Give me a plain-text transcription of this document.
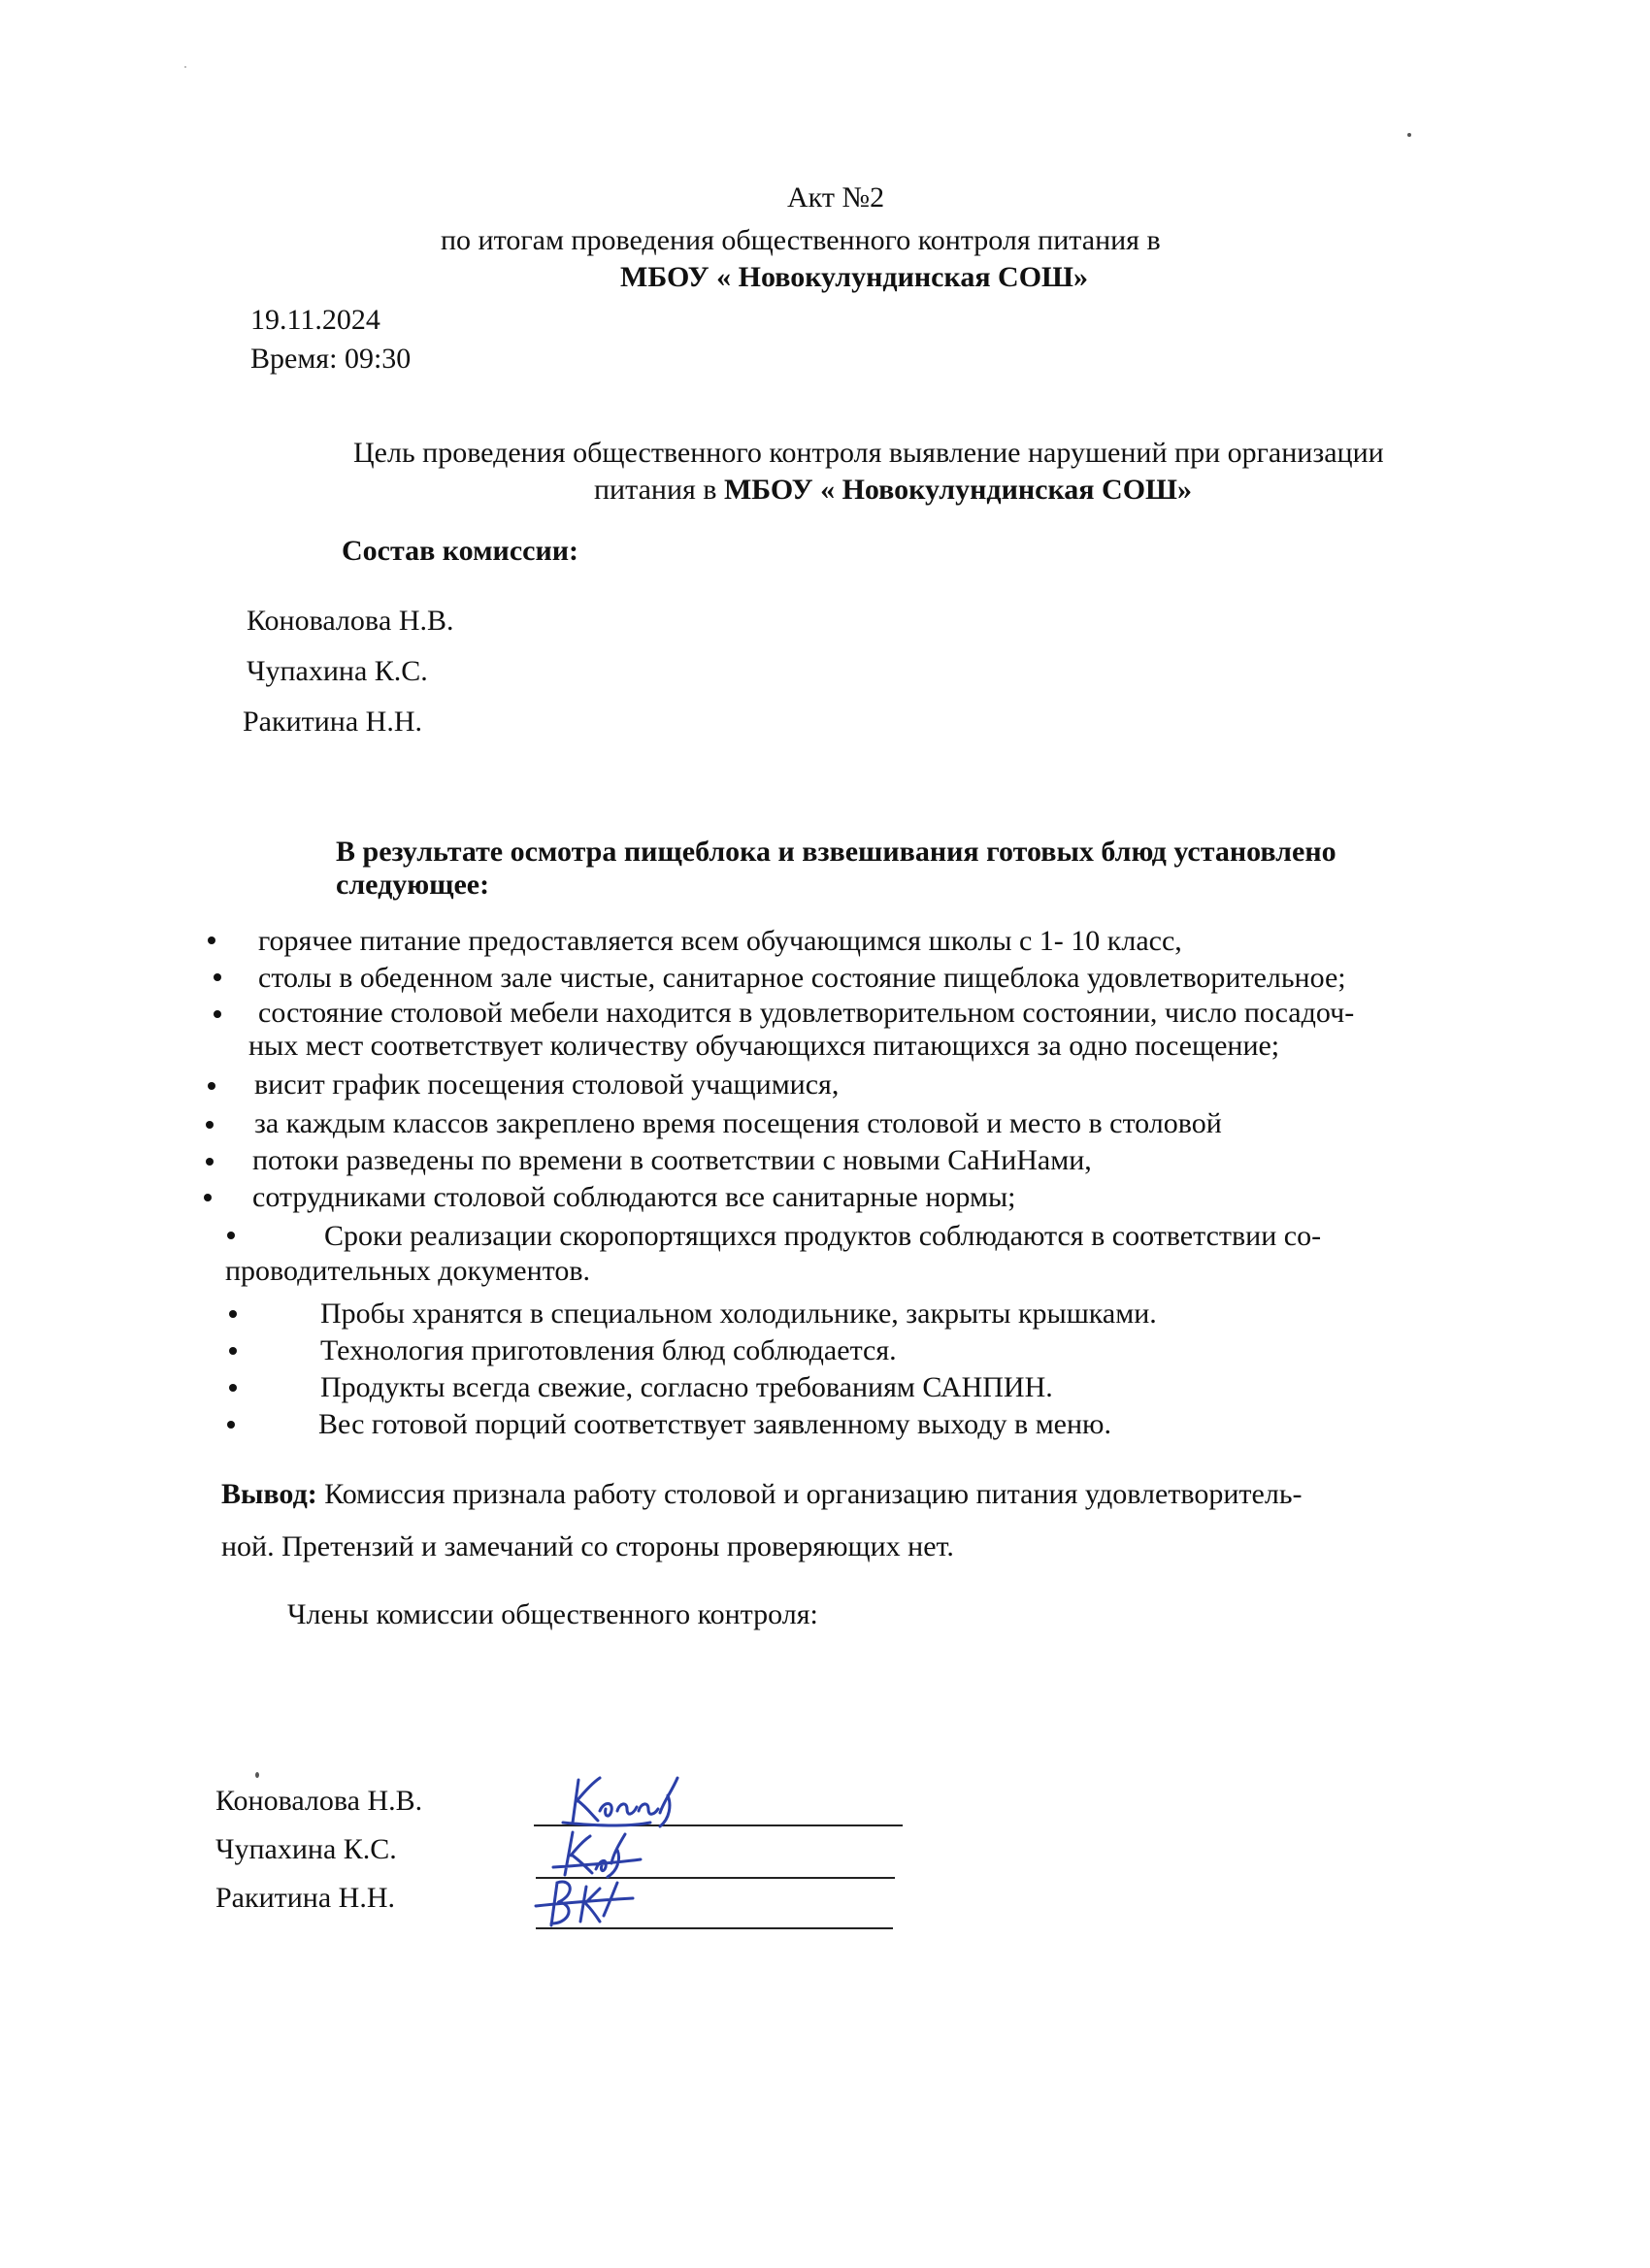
Акт №2
по итогам проведения общественного контроля питания в
МБОУ « Новокулундинская СОШ»
19.11.2024
Время: 09:30
Цель проведения общественного контроля выявление нарушений при организации
питания в МБОУ « Новокулундинская СОШ»
Состав комиссии:
Коноваловa Н.В.
Чупахина К.С.
Ракитина Н.Н.
В результате осмотра пищеблока и взвешивания готовых блюд установлено
следующее:
горячее питание предоставляется всем обучающимся школы с 1- 10 класс,
столы в обеденном зале чистые, санитарное состояние пищеблока удовлетворительное;
состояние столовой мебели находится в удовлетворительном состоянии, число посадоч-
ных мест соответствует количеству обучающихся питающихся за одно посещение;
висит график посещения столовой учащимися,
за каждым классов закреплено время посещения столовой и место в столовой
потоки разведены по времени в соответствии с новыми СаНиНами,
сотрудниками столовой соблюдаются все санитарные нормы;
Сроки реализации скоропортящихся продуктов соблюдаются в соответствии со-
проводительных документов.
Пробы хранятся в специальном холодильнике, закрыты крышками.
Технология приготовления блюд соблюдается.
Продукты всегда свежие, согласно требованиям САНПИН.
Вес готовой порций соответствует заявленному выходу в меню.
Вывод: Комиссия признала работу столовой и организацию питания удовлетворитель-
ной. Претензий и замечаний со стороны проверяющих нет.
Члены комиссии общественного контроля:
Коновалова Н.В.
Чупахина К.С.
Ракитина Н.Н.
